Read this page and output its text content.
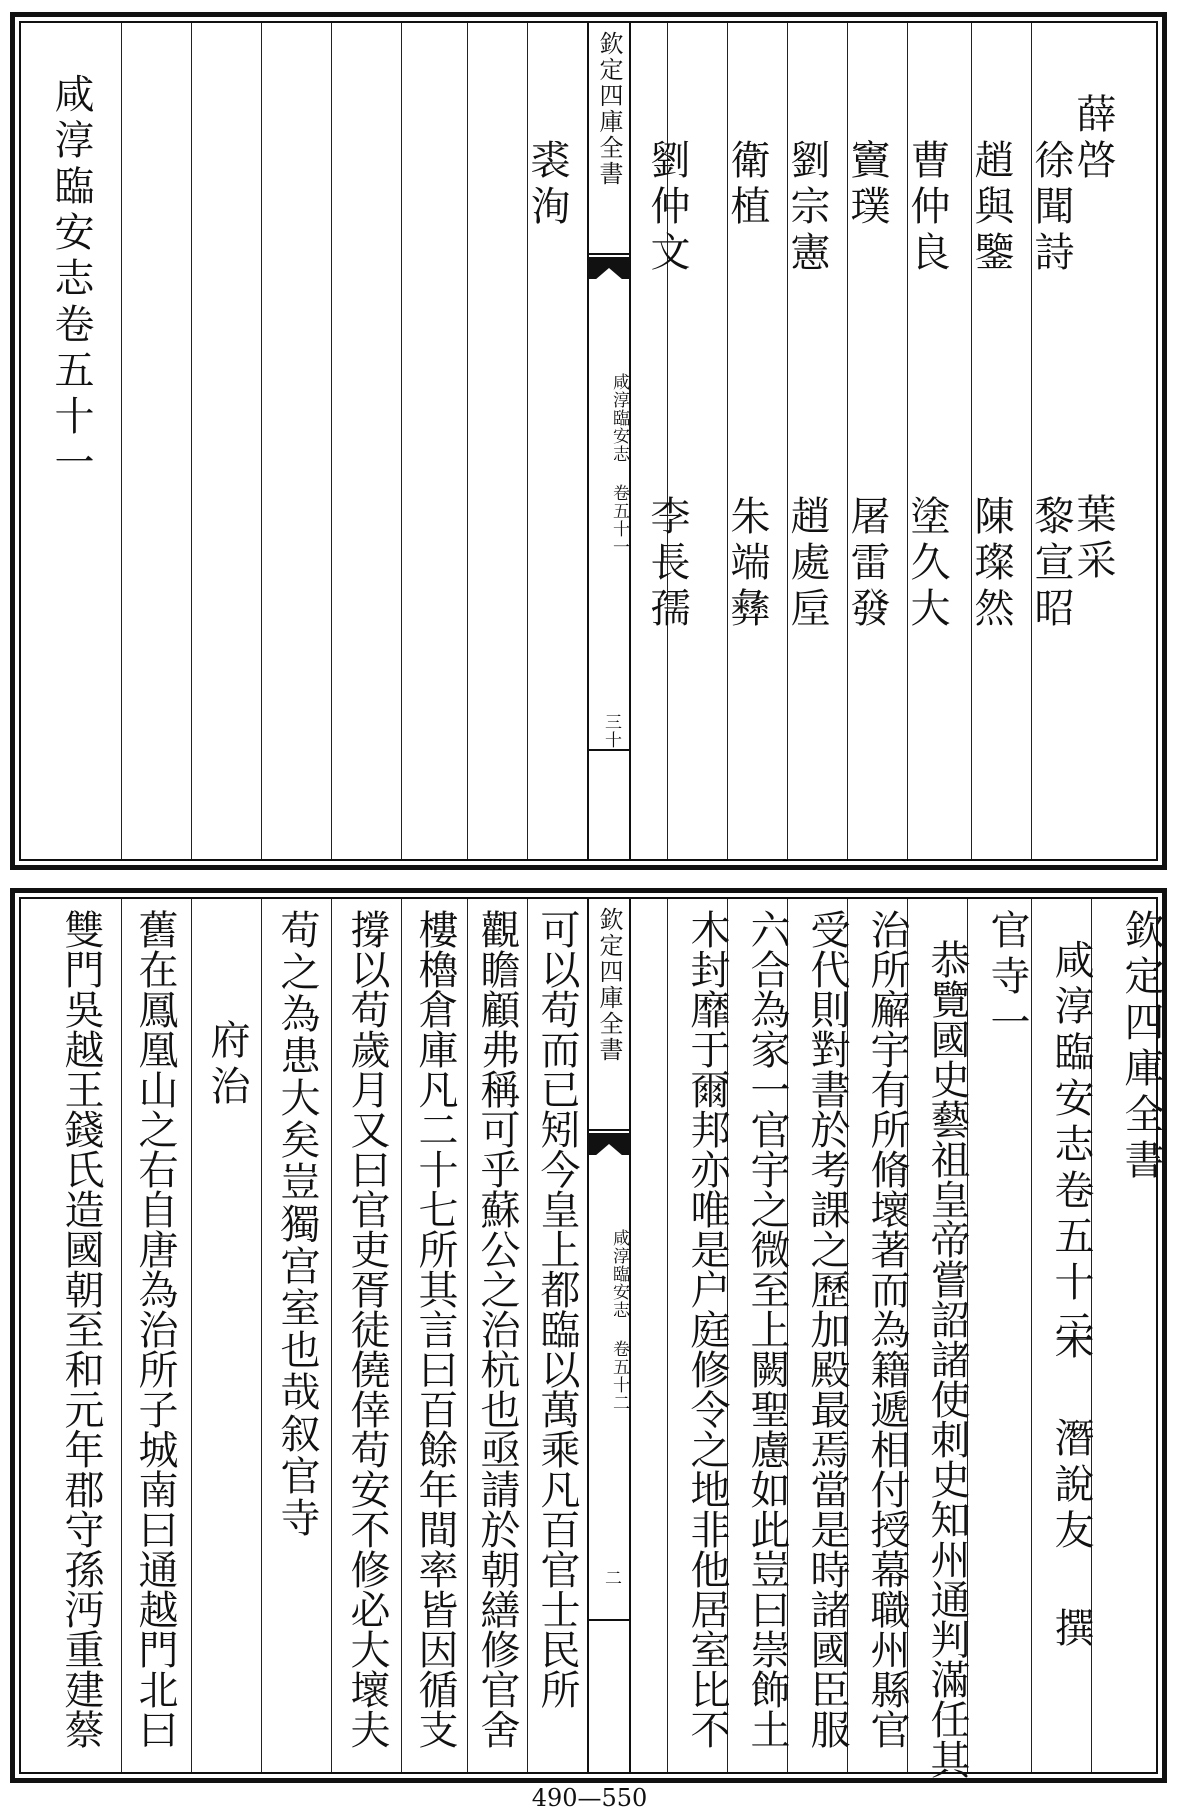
欽定四庫全書
咸淳臨安志 卷五十一
三十
薛啓
徐聞詩
趙與鑒
曹仲良
竇璞
劉宗憲
衛植
劉仲文
裘洵
葉采
黎宣昭
陳璨然
塗久大
屠雷發
趙處垕
朱端彝
李長孺
咸淳臨安志卷五十一
欽定四庫全書
咸淳臨安志 卷五十二
二
欽定四庫全書
咸淳臨安志卷五十二
宋 潛說友 撰
官寺一
恭覽國史藝祖皇帝嘗詔諸使刺史知州通判滿任其
治所廨宇有所脩壞著而為籍遞相付授幕職州縣官
受代則對書於考課之歷加殿最焉當是時諸國臣服
六合為家一官宇之微至上闕聖慮如此豈曰崇飾土
木封靡于爾邦亦唯是户庭修令之地非他居室比不
可以苟而已矧今皇上都臨以萬乘凡百官士民所
觀瞻顧弗稱可乎蘇公之治杭也亟請於朝繕修官舍
樓櫓倉庫凡二十七所其言曰百餘年間率皆因循支
撐以苟歲月又曰官吏胥徒僥倖苟安不修必大壞夫
苟之為患大矣豈獨宫室也哉叙官寺
府治
舊在鳳凰山之右自唐為治所子城南曰通越門北曰
雙門吳越王錢氏造國朝至和元年郡守孫沔重建蔡
490—550
